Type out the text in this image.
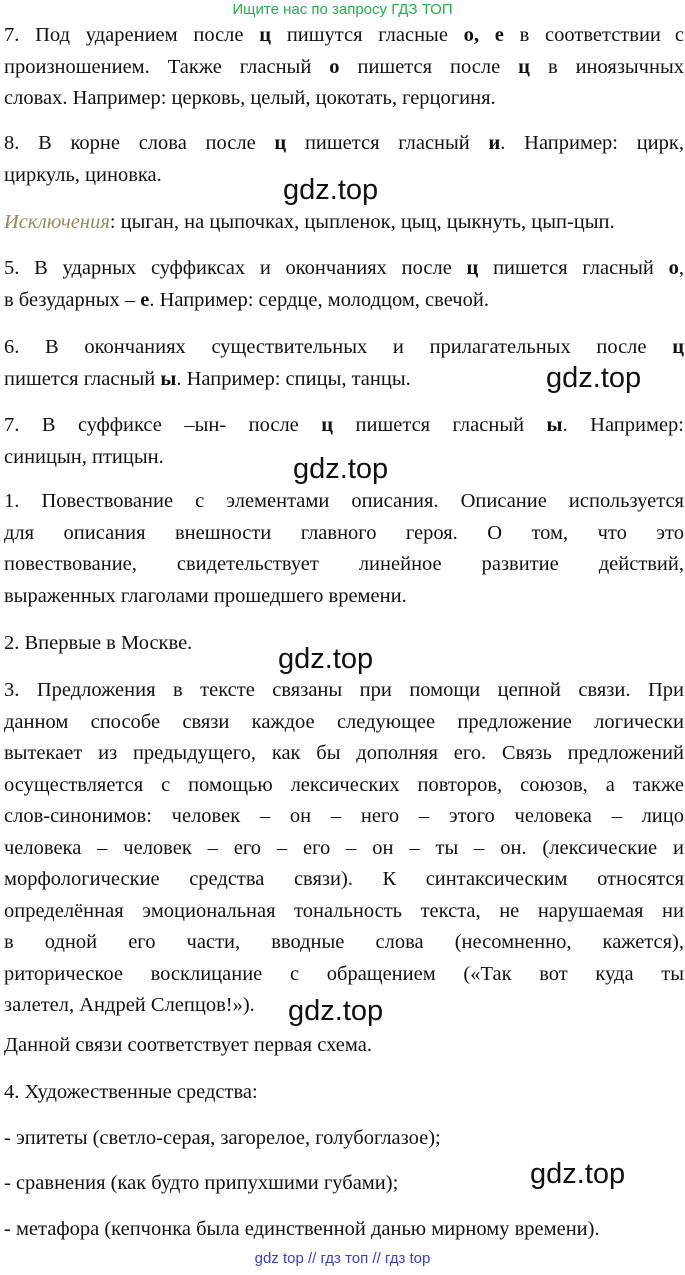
Ищите нас по запросу ГДЗ ТОП
7. Под ударением после ц пишутся гласные о, е в соответствии с
произношением. Также гласный о пишется после ц в иноязычных
словах. Например: церковь, целый, цокотать, герцогиня.
8. В корне слова после ц пишется гласный и. Например: цирк,
циркуль, циновка.	gdz.top
Исключения: цыган, на цыпочках, цыпленок, цыц, цыкнуть, цып-цып.
5. В ударных суффиксах и окончаниях после ц пишется гласный о,
в безударных – е. Например: сердце, молодцом, свечой.
6. В окончаниях существительных и прилагательных после ц
пишется гласный ы. Например: спицы, танцы.	gdz.top
7. В суффиксе –ын- после ц пишется гласный ы. Например:
синицын, птицын.	gdz.top
1. Повествование с элементами описания. Описание используется
для описания внешности главного героя. О том, что это
повествование, свидетельствует линейное развитие действий,
выраженных глаголами прошедшего времени.
2. Впервые в Москве.	gdz.top
3. Предложения в тексте связаны при помощи цепной связи. При
данном способе связи каждое следующее предложение логически
вытекает из предыдущего, как бы дополняя его. Связь предложений
осуществляется с помощью лексических повторов, союзов, а также
слов-синонимов: человек – он – него – этого человека – лицо
человека – человек – его – его – он – ты – он. (лексические и
морфологические средства связи). К синтаксическим относятся
определённая эмоциональная тональность текста, не нарушаемая ни
в одной его части, вводные слова (несомненно, кажется),
риторическое восклицание с обращением («Так вот куда ты
залетел, Андрей Слепцов!»).	gdz.top
Данной связи соответствует первая схема.
4. Художественные средства:
- эпитеты (светло-серая, загорелое, голубоглазое);
- сравнения (как будто припухшими губами);
- метафора (кепчонка была единственной данью мирному времени).
gdz.top
gdz top // гдз топ // гдз top
